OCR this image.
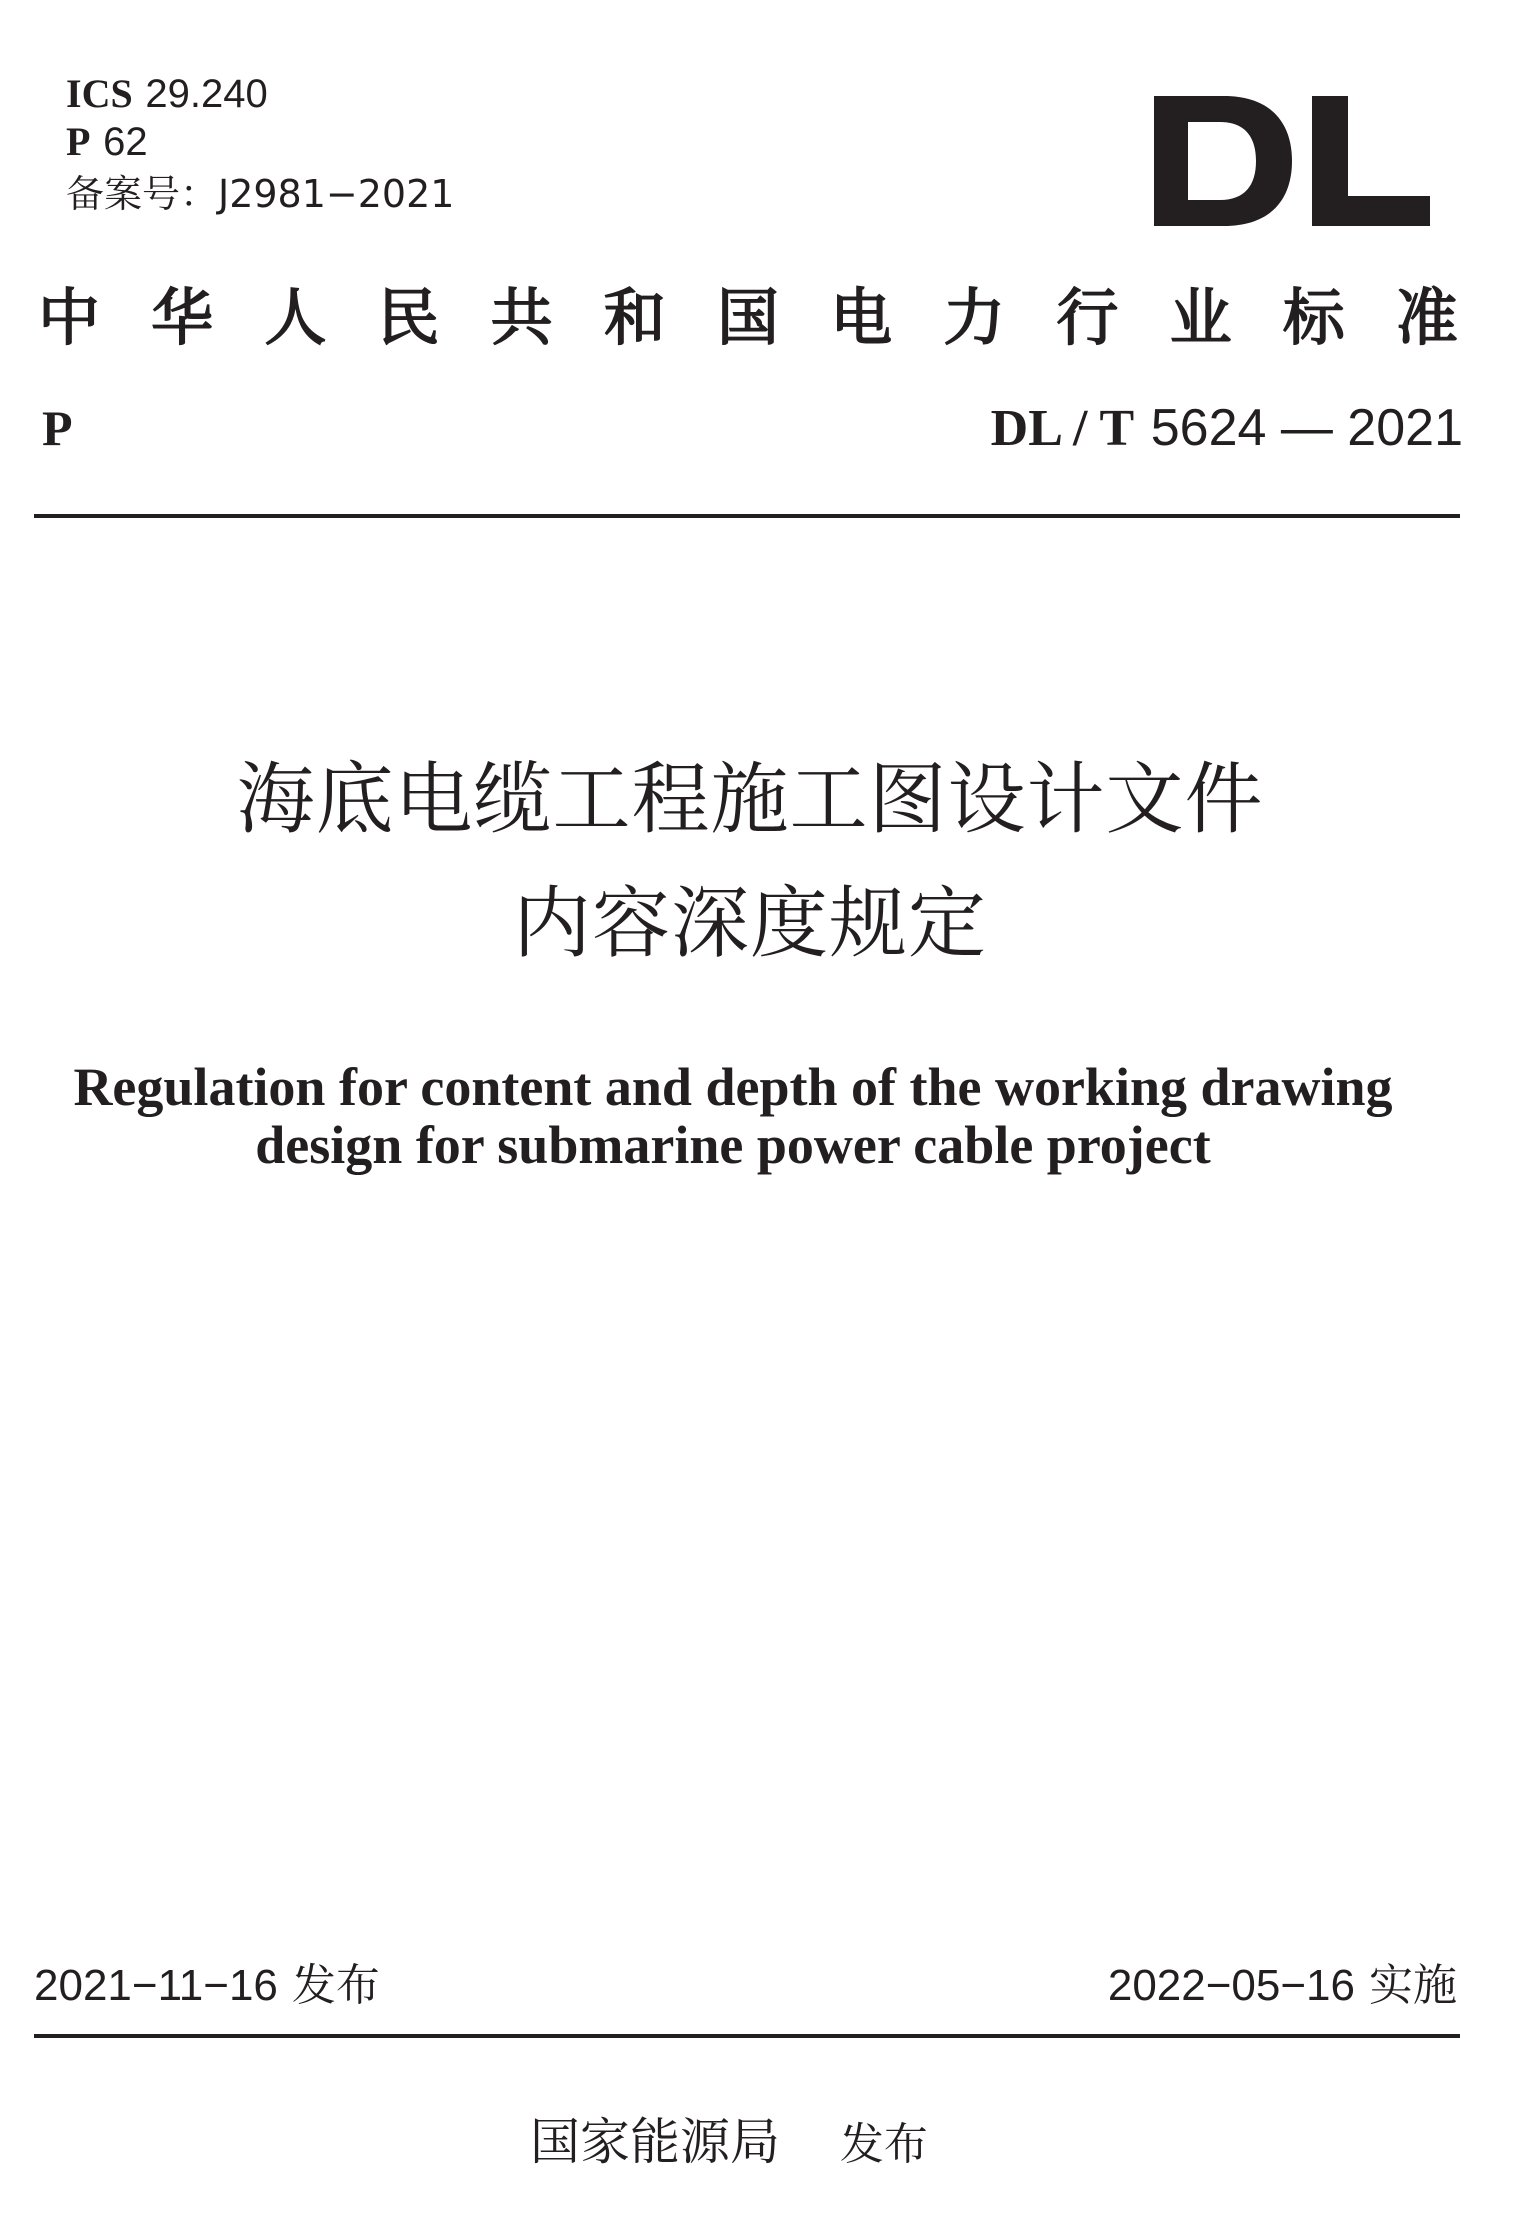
ICS 29.240
P 62
备案号：J2981−2021
中 华 人 民 共 和 国 电 力 行 业 标 准
P	DL / T 5624 — 2021
海底电缆工程施工图设计文件
内容深度规定
Regulation for content and depth of the working drawing
design for submarine power cable project
2021−11−16 发布	2022−05−16 实施
国家能源局 发布
